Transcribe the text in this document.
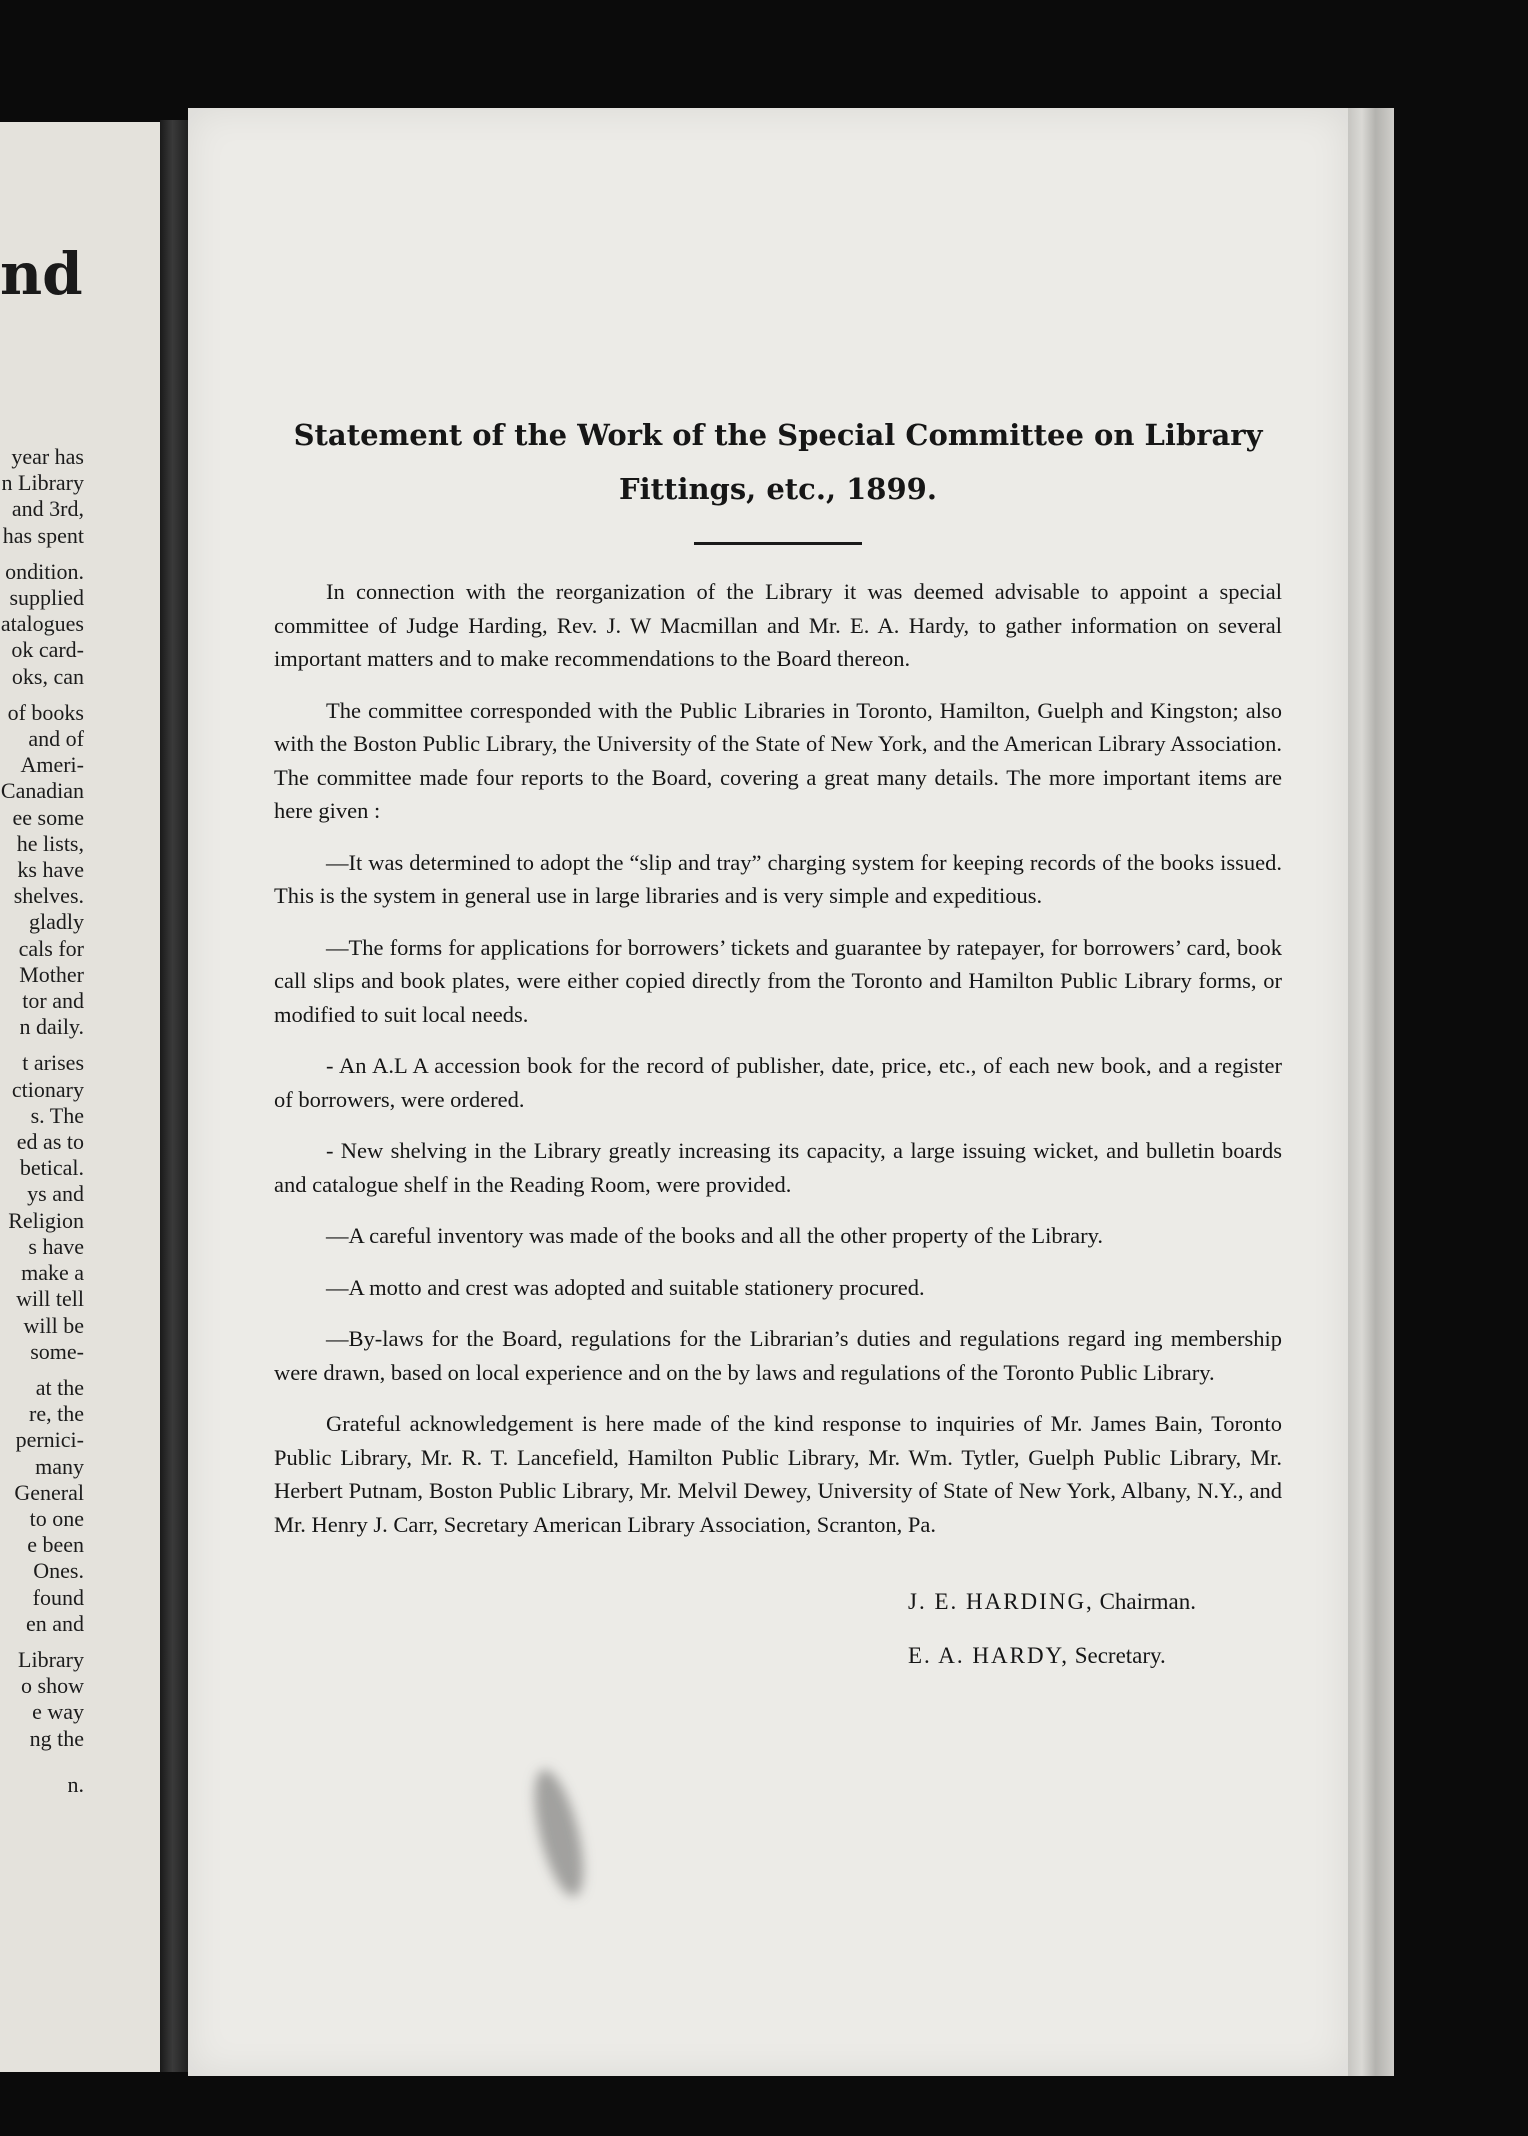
nd
year has
n Library
and 3rd,
has spent
ondition.
supplied
atalogues
ok card-
oks, can
of books
and of
Ameri-
Canadian
ee some
he lists,
ks have
shelves.
gladly
cals for
Mother
tor and
n daily.
t arises
ctionary
s. The
ed as to
betical.
ys and
Religion
s have
make a
will tell
will be
some-
at the
re, the
pernici-
many
General
to one
e been
Ones.
found
en and
Library
o show
e way
ng the
n.
Statement of the Work of the Special Committee on Library
Fittings, etc., 1899.

In connection with the reorganization of the Library it was deemed advisable to appoint a special committee of Judge Harding, Rev. J. W Macmillan and Mr. E. A. Hardy, to gather information on several important matters and to make recommendations to the Board thereon.

The committee corresponded with the Public Libraries in Toronto, Hamilton, Guelph and Kingston; also with the Boston Public Library, the University of the State of New York, and the American Library Association. The committee made four reports to the Board, covering a great many details. The more important items are here given :

—It was determined to adopt the “slip and tray” charging system for keeping records of the books issued. This is the system in general use in large libraries and is very simple and expeditious.

—The forms for applications for borrowers’ tickets and guarantee by ratepayer, for borrowers’ card, book call slips and book plates, were either copied directly from the Toronto and Hamilton Public Library forms, or modified to suit local needs.

- An A.L A accession book for the record of publisher, date, price, etc., of each new book, and a register of borrowers, were ordered.

- New shelving in the Library greatly increasing its capacity, a large issuing wicket, and bulletin boards and catalogue shelf in the Reading Room, were provided.

—A careful inventory was made of the books and all the other property of the Library.

—A motto and crest was adopted and suitable stationery procured.

—By-laws for the Board, regulations for the Librarian’s duties and regulations regard ing membership were drawn, based on local experience and on the by laws and regulations of the Toronto Public Library.

Grateful acknowledgement is here made of the kind response to inquiries of Mr. James Bain, Toronto Public Library, Mr. R. T. Lancefield, Hamilton Public Library, Mr. Wm. Tytler, Guelph Public Library, Mr. Herbert Putnam, Boston Public Library, Mr. Melvil Dewey, University of State of New York, Albany, N.Y., and Mr. Henry J. Carr, Secretary American Library Association, Scranton, Pa.

J. E. HARDING, Chairman.
E. A. HARDY, Secretary.
